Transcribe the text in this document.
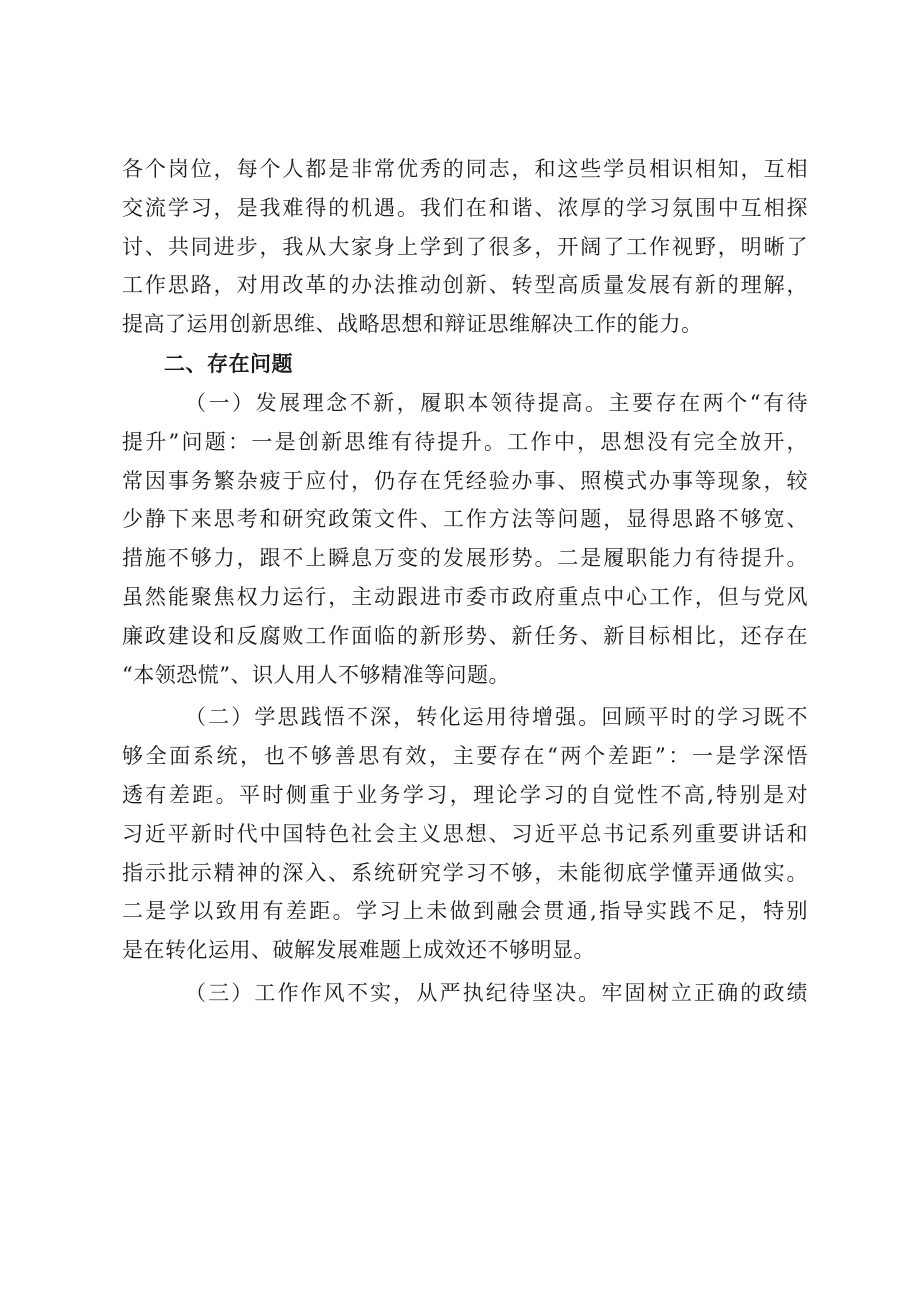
各个岗位，每个人都是非常优秀的同志，和这些学员相识相知，互相
交流学习，是我难得的机遇。我们在和谐、浓厚的学习氛围中互相探
讨、共同进步，我从大家身上学到了很多，开阔了工作视野，明晰了
工作思路，对用改革的办法推动创新、转型高质量发展有新的理解，
提高了运用创新思维、战略思想和辩证思维解决工作的能力。
二、存在问题
（一）发展理念不新，履职本领待提高。主要存在两个“有待
提升”问题：一是创新思维有待提升。工作中，思想没有完全放开，
常因事务繁杂疲于应付，仍存在凭经验办事、照模式办事等现象，较
少静下来思考和研究政策文件、工作方法等问题，显得思路不够宽、
措施不够力，跟不上瞬息万变的发展形势。二是履职能力有待提升。
虽然能聚焦权力运行，主动跟进市委市政府重点中心工作，但与党风
廉政建设和反腐败工作面临的新形势、新任务、新目标相比，还存在
“本领恐慌”、识人用人不够精准等问题。
（二）学思践悟不深，转化运用待增强。回顾平时的学习既不
够全面系统，也不够善思有效，主要存在“两个差距”：一是学深悟
透有差距。平时侧重于业务学习，理论学习的自觉性不高,特别是对
习近平新时代中国特色社会主义思想、习近平总书记系列重要讲话和
指示批示精神的深入、系统研究学习不够，未能彻底学懂弄通做实。
二是学以致用有差距。学习上未做到融会贯通,指导实践不足，特别
是在转化运用、破解发展难题上成效还不够明显。
（三）工作作风不实，从严执纪待坚决。牢固树立正确的政绩
